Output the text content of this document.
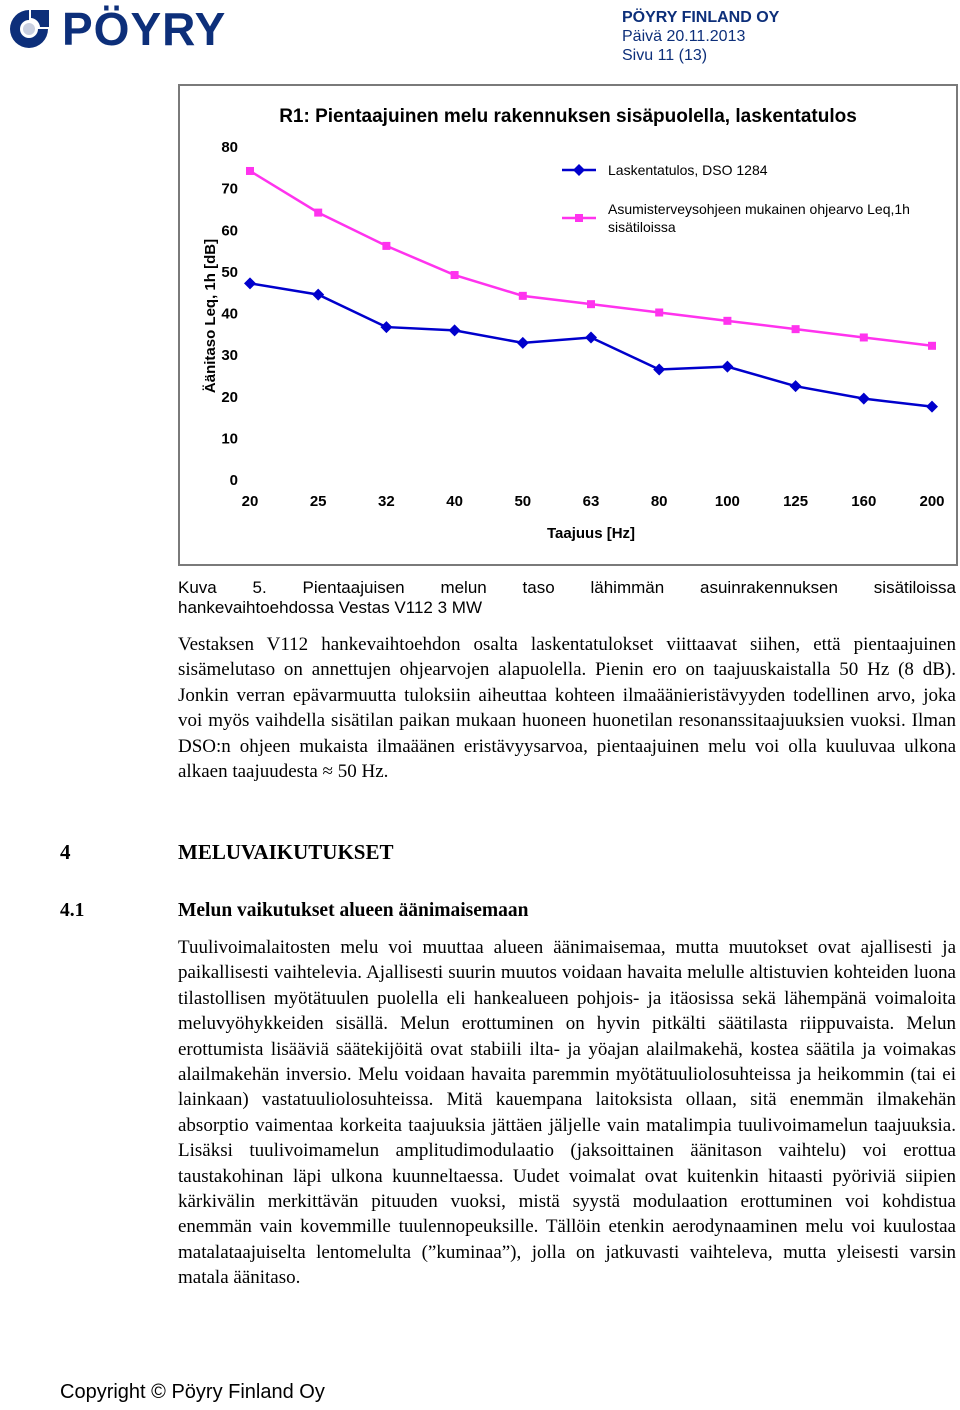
PÖYRY	PÖYRY FINLAND OY
Päivä 20.11.2013
Sivu 11 (13)
R1: Pientaajuinen melu rakennuksen sisäpuolella, laskentatulos
0
10
20
30
40
50
60
70
80
20	25	32	40	50	63	80	100	125	160	200
Taajuus [Hz]
Äänitaso Leq, 1h [dB]
Laskentatulos, DSO 1284
Asumisterveysohjeen mukainen ohjearvo Leq,1h sisätiloissa
Kuva 5. Pientaajuisen melun taso lähimmän asuinrakennuksen sisätiloissa

hankevaihtoehdossa Vestas V112 3 MW

Vestaksen V112 hankevaihtoehdon osalta laskentatulokset viittaavat siihen, että pientaajuinen sisämelutaso on annettujen ohjearvojen alapuolella. Pienin ero on taajuuskaistalla 50 Hz (8 dB). Jonkin verran epävarmuutta tuloksiin aiheuttaa kohteen ilmaäänieristävyyden todellinen arvo, joka voi myös vaihdella sisätilan paikan mukaan huoneen huonetilan resonanssitaajuuksien vuoksi. Ilman DSO:n ohjeen mukaista ilmaäänen eristävyysarvoa, pientaajuinen melu voi olla kuuluvaa ulkona alkaen taajuudesta ≈ 50 Hz.

4	MELUVAIKUTUKSET
4.1	Melun vaikutukset alueen äänimaisemaan

Tuulivoimalaitosten melu voi muuttaa alueen äänimaisemaa, mutta muutokset ovat ajallisesti ja paikallisesti vaihtelevia. Ajallisesti suurin muutos voidaan havaita melulle altistuvien kohteiden luona tilastollisen myötätuulen puolella eli hankealueen pohjois- ja itäosissa sekä lähempänä voimaloita meluvyöhykkeiden sisällä. Melun erottuminen on hyvin pitkälti säätilasta riippuvaista. Melun erottumista lisääviä säätekijöitä ovat stabiili ilta- ja yöajan alailmakehä, kostea säätila ja voimakas alailmakehän inversio. Melu voidaan havaita paremmin myötätuuliolosuhteissa ja heikommin (tai ei lainkaan) vastatuuliolosuhteissa. Mitä kauempana laitoksista ollaan, sitä enemmän ilmakehän absorptio vaimentaa korkeita taajuuksia jättäen jäljelle vain matalimpia tuulivoimamelun taajuuksia. Lisäksi tuulivoimamelun amplitudimodulaatio (jaksoittainen äänitason vaihtelu) voi erottua taustakohinan läpi ulkona kuunneltaessa. Uudet voimalat ovat kuitenkin hitaasti pyöriviä siipien kärkivälin merkittävän pituuden vuoksi, mistä syystä modulaation erottuminen voi kohdistua enemmän vain kovemmille tuulennopeuksille. Tällöin etenkin aerodynaaminen melu voi kuulostaa matalataajuiselta lentomelulta (”kuminaa”), jolla on jatkuvasti vaihteleva, mutta yleisesti varsin matala äänitaso.

Copyright © Pöyry Finland Oy
